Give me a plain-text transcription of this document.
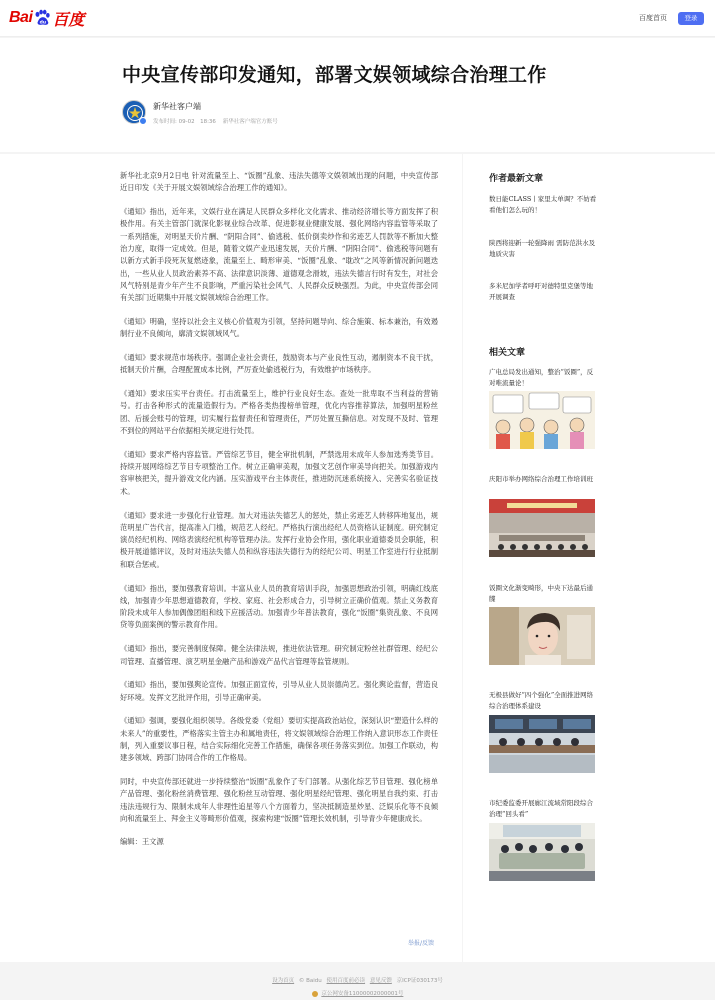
Bai du 百度	百度首页	登录
中央宣传部印发通知，部署文娱领域综合治理工作
新华社客户端
发布时间: 09-02　18:36 新华社客户端官方账号

新华社北京9月2日电 针对流量至上、“饭圈”乱象、违法失德等文娱领域出现的问题，中央宣传部近日印发《关于开展文娱领域综合治理工作的通知》。

《通知》指出，近年来，文娱行业在满足人民群众多样化文化需求、推动经济增长等方面发挥了积极作用。有关主管部门就深化影视业综合改革、促进影视业健康发展、强化网络内容监管等采取了一系列措施，对明星天价片酬、“阴阳合同”、偷逃税、低价倒卖炒作和劣迹艺人罚款等不断加大整治力度，取得一定成效。但是，随着文娱产业迅速发展，天价片酬、“阴阳合同”、偷逃税等问题有以新方式新手段死灰复燃迹象，流量至上、畸形审美、“饭圈”乱象、“耽改”之风等新情况新问题迭出，一些从业人员政治素养不高、法律意识淡薄、道德观念滑坡，违法失德言行时有发生，对社会风气特别是青少年产生不良影响，严重污染社会风气、人民群众反映强烈。为此，中央宣传部会同有关部门近期集中开展文娱领域综合治理工作。

《通知》明确，坚持以社会主义核心价值观为引领，坚持问题导向、综合施策、标本兼治，有效遏制行业不良倾向，廓清文娱领域风气。

《通知》要求规范市场秩序。强调企业社会责任，鼓励资本与产业良性互动，遏制资本不良干扰，抵制天价片酬，合理配置成本比例，严厉查处偷逃税行为，有效维护市场秩序。

《通知》要求压实平台责任。打击流量至上，维护行业良好生态。查处一批卑取不当利益的营销号。打击各种形式的流量造假行为。严格各类热搜榜单管理，优化内容推荐算法，加强明星粉丝团、后援会账号的管理，切实履行监督责任和管理责任，严厉处置互撕信息。对发现不及时、管理不到位的网站平台依据相关规定进行处罚。

《通知》要求严格内容监管。严管综艺节目，健全审批机制，严禁选用未成年人参加选秀类节目。持续开展网络综艺节目专项整治工作。树立正确审美观，加强文艺创作审美导向把关。加强游戏内容审核把关，提升游戏文化内涵。压实游戏平台主体责任，推进防沉迷系统接入、完善实名验证技术。

《通知》要求进一步强化行业管理。加大对违法失德艺人的惩处，禁止劣迹艺人转移阵地复出，规范明星广告代言，提高准入门槛，规范艺人经纪。严格执行演出经纪人员资格认证制度。研究制定演员经纪机构、网络表演经纪机构等管理办法。发挥行业协会作用，强化职业道德委员会职能，积极开展道德评议，及时对违法失德人员和纵容违法失德行为的经纪公司、明星工作室进行行业抵制和联合惩戒。

《通知》指出，要加强教育培训。丰富从业人员的教育培训手段，加强思想政治引领，明确红线底线，加强青少年思想道德教育，学校、家庭、社会形成合力，引导树立正确价值观。禁止义务教育阶段未成年人参加偶像团组和线下应援活动。加强青少年普法教育，强化“饭圈”集资乱象、不良网贷等负面案例的警示教育作用。

《通知》指出，要完善制度保障。健全法律法规，推进依法管理。研究制定粉丝社群管理、经纪公司管理、直播管理、演艺明星金融产品和游戏产品代言管理等监管规则。

《通知》指出，要加强舆论宣传。加强正面宣传，引导从业人员崇德尚艺。强化舆论监督，营造良好环境。发挥文艺批评作用，引导正确审美。

《通知》强调，要强化组织领导。各级党委（党组）要切实提高政治站位，深刻认识“塑造什么样的未来人”的重要性，严格落实主管主办和属地责任，将文娱领域综合治理工作纳入意识形态工作责任制，列入重要议事日程，结合实际细化完善工作措施，确保各项任务落实到位。加强工作联动，构建多领域、跨部门协同合作的工作格局。

同时，中央宣传部还就进一步持续整治“饭圈”乱象作了专门部署。从强化综艺节目管理、强化榜单产品管理、强化粉丝消费管理、强化粉丝互动管理、强化明星经纪管理、强化明星自我约束、打击违法违规行为、限制未成年人非理性追星等八个方面着力，坚决抵制造星炒星、泛娱乐化等不良倾向和流量至上、拜金主义等畸形价值观，探索构建“饭圈”管理长效机制，引导青少年健康成长。

编辑：王文源

举报/反馈
作者最新文章
数日能CLASS丨家里太单调？不妨看看他们怎么玩的！
陕西将迎新一轮强降雨 需防范洪水及地质灾害
多米尼加学者呼吁对德特里克堡等地开展调查
相关文章
广电总局发出通知，整治“饭圈”，反对唯流量论！
庆阳市举办网络综合治理工作培训班
饭圈文化渐变畸形，中央下达最后通牒
无极县做好“四个强化”全面推进网络综合治理体系建设
市纪委监委开展廊江流域常阳段综合治理“回头看”
设为首页 © Baidu 使用百度前必读 意见反馈 京ICP证030173号
京公网安备11000002000001号
